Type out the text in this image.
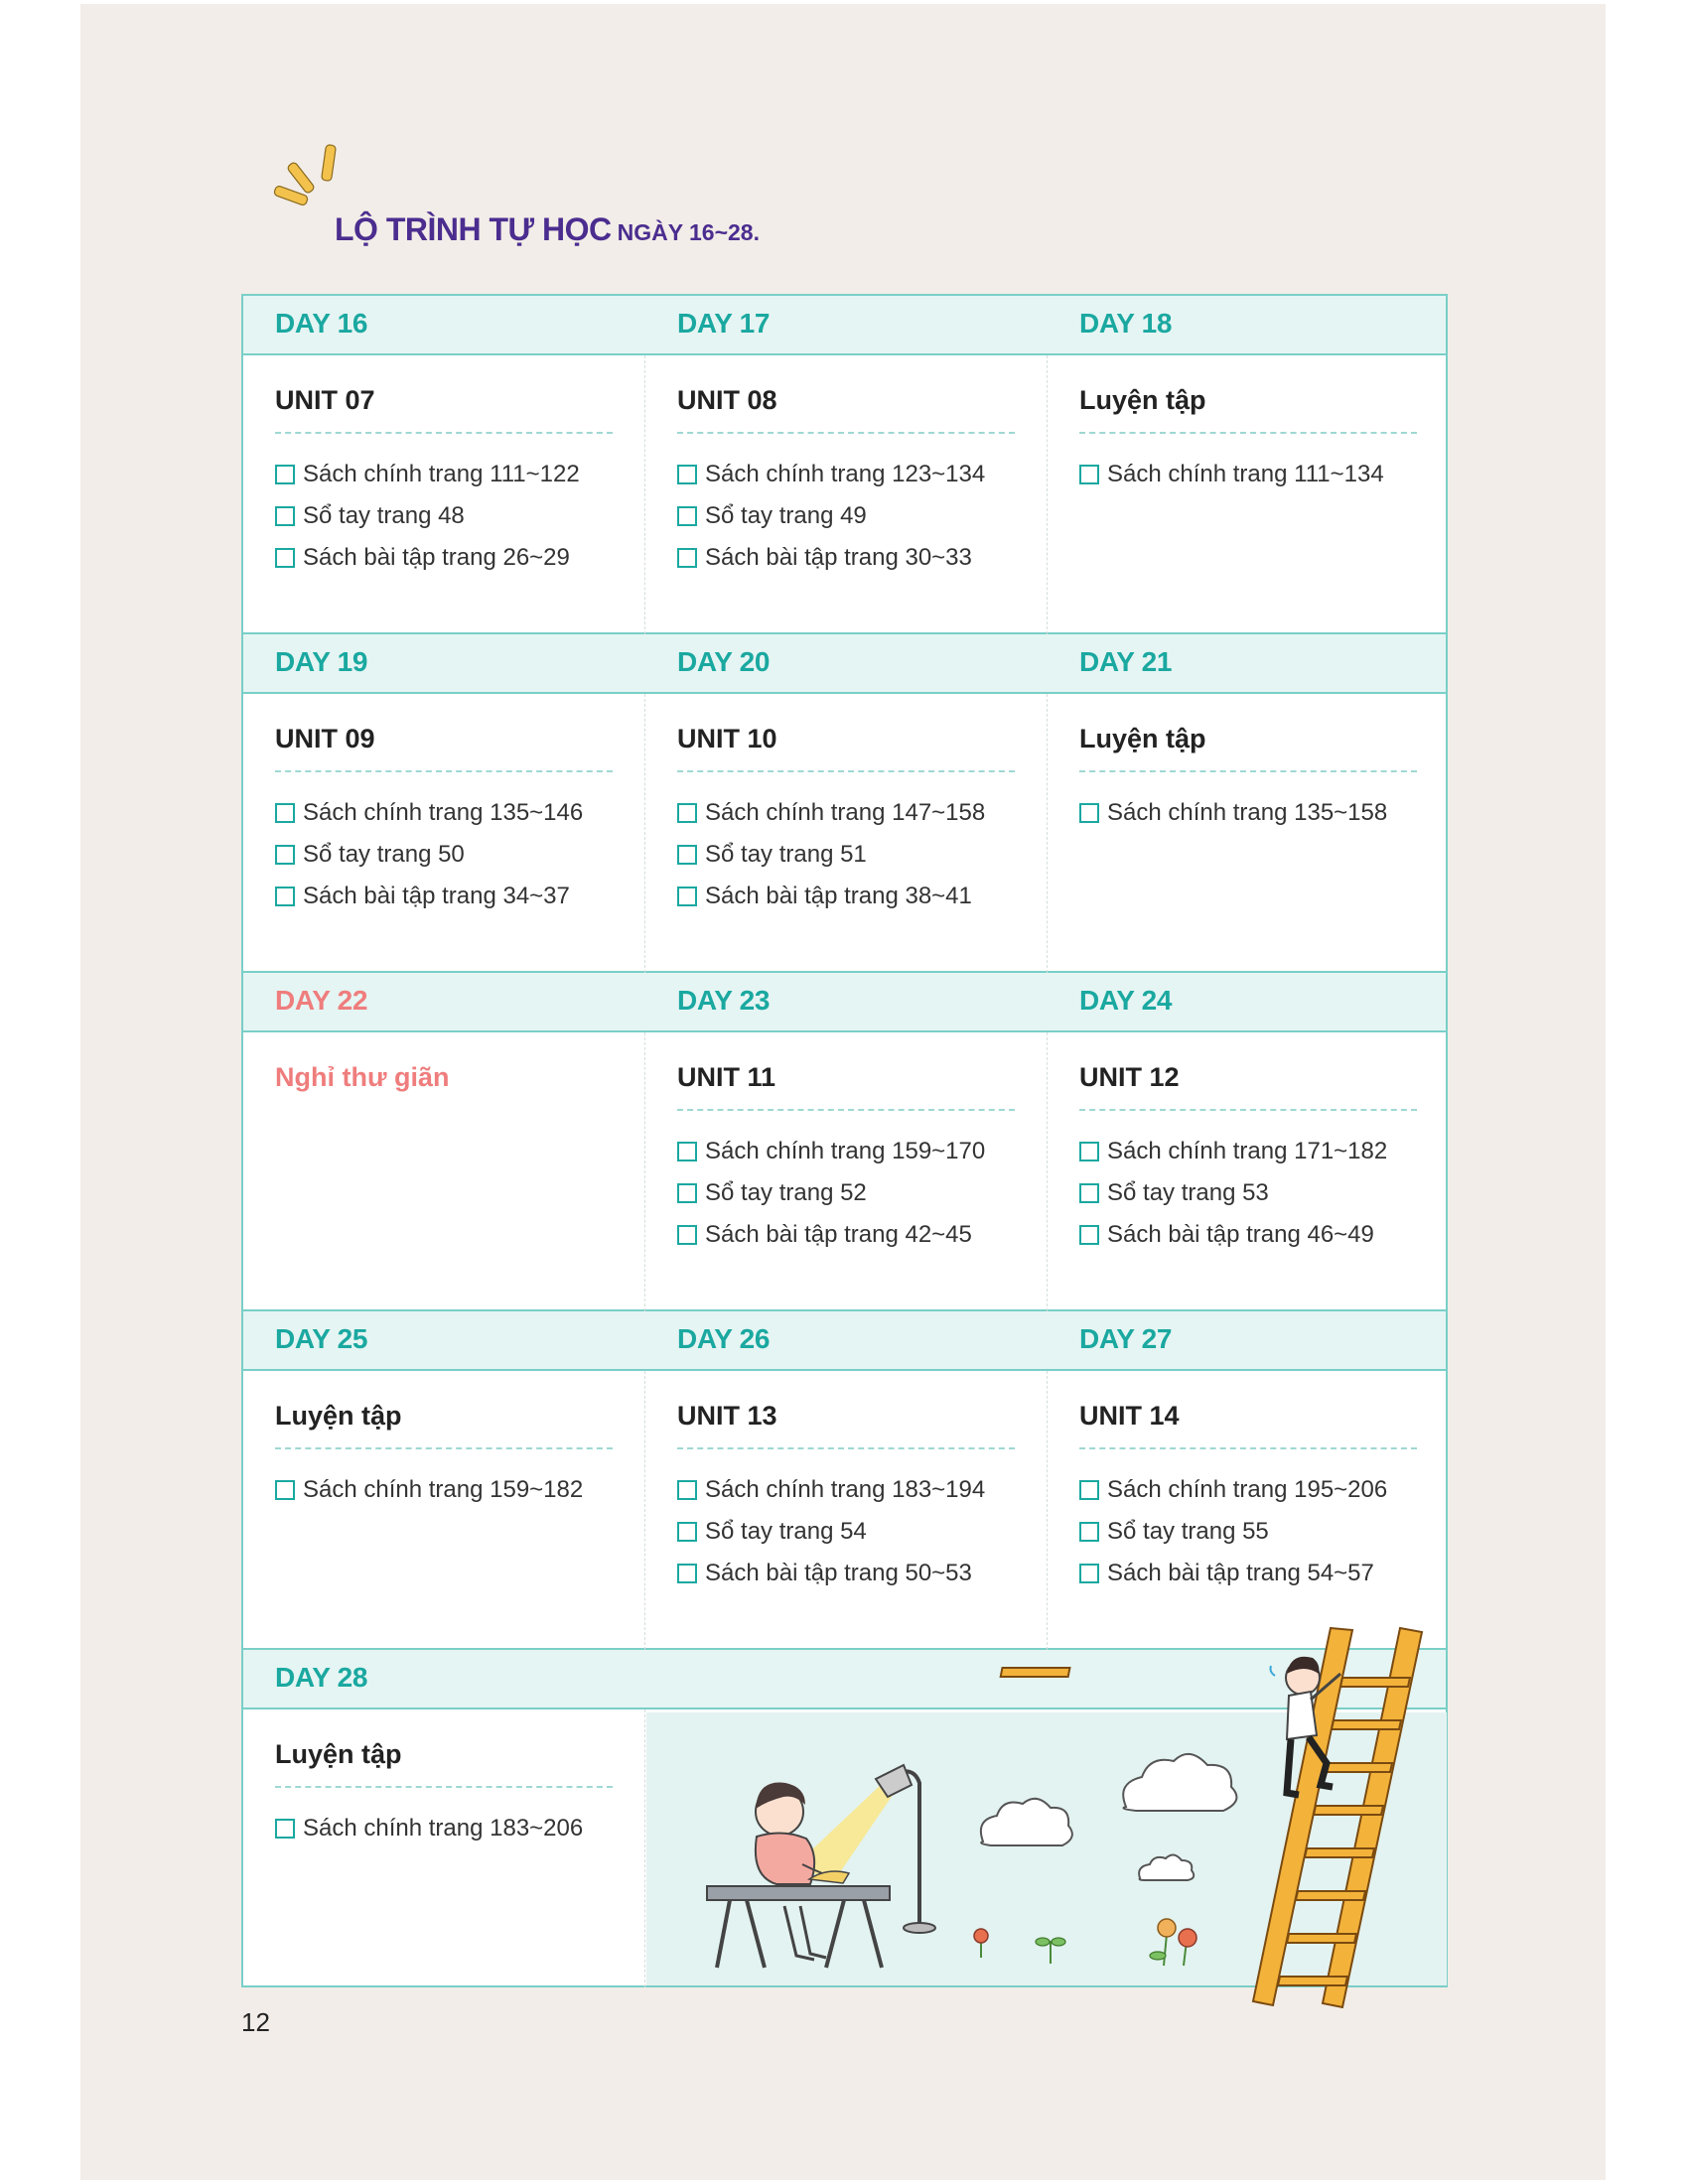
LỘ TRÌNH TỰ HỌC NGÀY 16~28.
DAY 16
UNIT 07
Sách chính trang 111~122
Sổ tay trang 48
Sách bài tập trang 26~29
DAY 17
UNIT 08
Sách chính trang 123~134
Sổ tay trang 49
Sách bài tập trang 30~33
DAY 18
Luyện tập
Sách chính trang 111~134
DAY 19
UNIT 09
Sách chính trang 135~146
Sổ tay trang 50
Sách bài tập trang 34~37
DAY 20
UNIT 10
Sách chính trang 147~158
Sổ tay trang 51
Sách bài tập trang 38~41
DAY 21
Luyện tập
Sách chính trang 135~158
DAY 22
Nghỉ thư giãn
DAY 23
UNIT 11
Sách chính trang 159~170
Sổ tay trang 52
Sách bài tập trang 42~45
DAY 24
UNIT 12
Sách chính trang 171~182
Sổ tay trang 53
Sách bài tập trang 46~49
DAY 25
Luyện tập
Sách chính trang 159~182
DAY 26
UNIT 13
Sách chính trang 183~194
Sổ tay trang 54
Sách bài tập trang 50~53
DAY 27
UNIT 14
Sách chính trang 195~206
Sổ tay trang 55
Sách bài tập trang 54~57
DAY 28
Luyện tập
Sách chính trang 183~206
12
